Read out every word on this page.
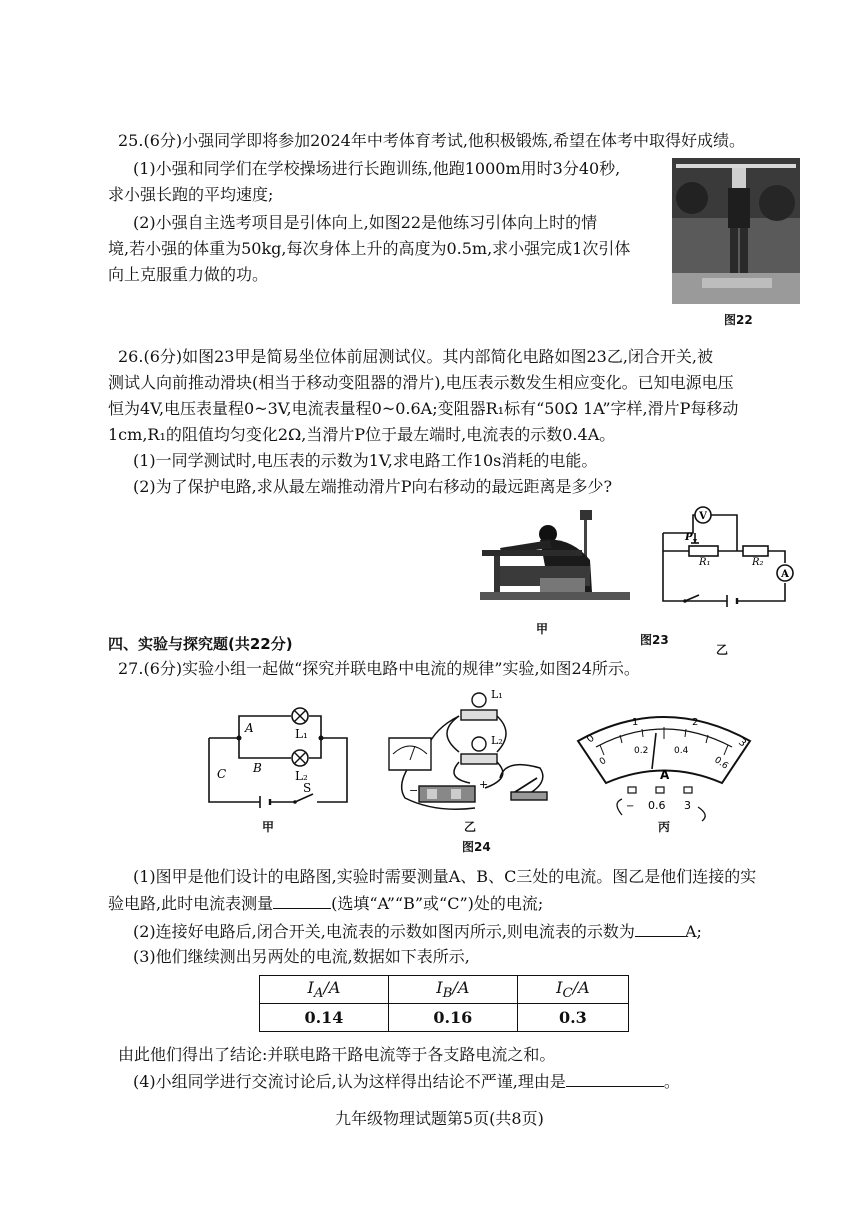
25.(6分)小强同学即将参加2024年中考体育考试,他积极锻炼,希望在体考中取得好成绩。
(1)小强和同学们在学校操场进行长跑训练,他跑1000m用时3分40秒,
求小强长跑的平均速度;
(2)小强自主选考项目是引体向上,如图22是他练习引体向上时的情
境,若小强的体重为50kg,每次身体上升的高度为0.5m,求小强完成1次引体
向上克服重力做的功。
图22
26.(6分)如图23甲是简易坐位体前屈测试仪。其内部简化电路如图23乙,闭合开关,被
测试人向前推动滑块(相当于移动变阻器的滑片),电压表示数发生相应变化。已知电源电压
恒为4V,电压表量程0~3V,电流表量程0~0.6A;变阻器R₁标有“50Ω 1A”字样,滑片P每移动
1cm,R₁的阻值均匀变化2Ω,当滑片P位于最左端时,电流表的示数0.4A。
(1)一同学测试时,电压表的示数为1V,求电路工作10s消耗的电能。
(2)为了保护电路,求从最左端推动滑片P向右移动的最远距离是多少?
甲
V
A
P
R₁	R₂
图23
乙
四、实验与探究题(共22分)
27.(6分)实验小组一起做“探究并联电路中电流的规律”实验,如图24所示。
A
B
C
L₁
L₂
S
甲
L₁
L₂
−	+
乙
0
1	2
3
0
0.2	0.4
0.6
A
− 0.6 3
丙
图24
(1)图甲是他们设计的电路图,实验时需要测量A、B、C三处的电流。图乙是他们连接的实
验电路,此时电流表测量	(选填“A”“B”或“C”)处的电流;
(2)连接好电路后,闭合开关,电流表的示数如图丙所示,则电流表的示数为	A;
(3)他们继续测出另两处的电流,数据如下表所示,
$I_A/A$	$I_B/A$	$I_C/A$
0.14	0.16	0.3
由此他们得出了结论:并联电路干路电流等于各支路电流之和。
(4)小组同学进行交流讨论后,认为这样得出结论不严谨,理由是	。
九年级物理试题第5页(共8页)
